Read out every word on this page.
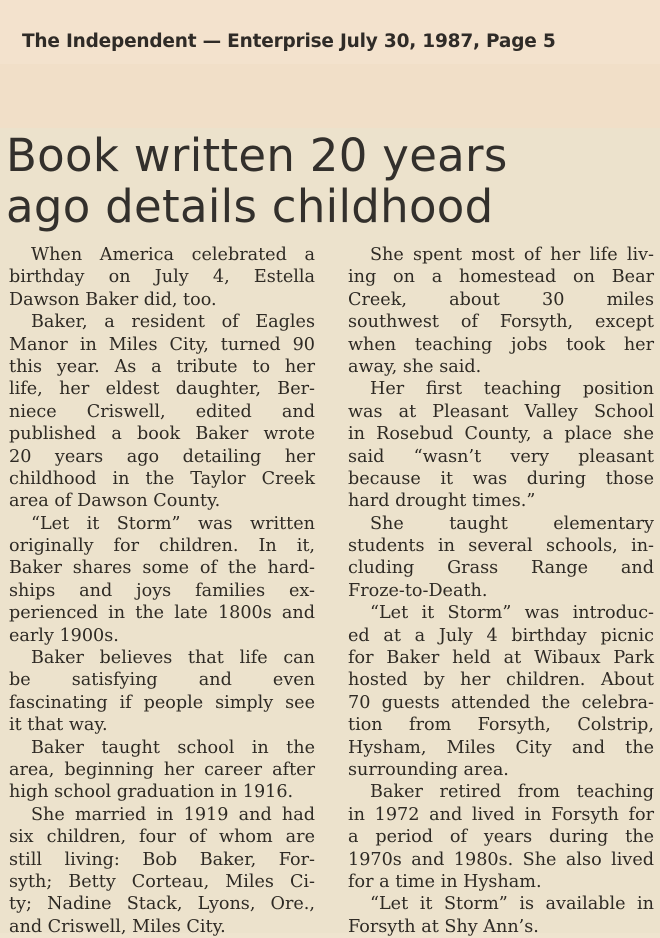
The Independent — Enterprise July 30, 1987, Page 5
Book written 20 years
ago details childhood
When America celebrated a
birthday on July 4, Estella
Dawson Baker did, too.
Baker, a resident of Eagles
Manor in Miles City, turned 90
this year. As a tribute to her
life, her eldest daughter, Ber-
niece Criswell, edited and
published a book Baker wrote
20 years ago detailing her
childhood in the Taylor Creek
area of Dawson County.
“Let it Storm” was written
originally for children. In it,
Baker shares some of the hard-
ships and joys families ex-
perienced in the late 1800s and
early 1900s.
Baker believes that life can
be satisfying and even
fascinating if people simply see
it that way.
Baker taught school in the
area, beginning her career after
high school graduation in 1916.
She married in 1919 and had
six children, four of whom are
still living: Bob Baker, For-
syth; Betty Corteau, Miles Ci-
ty; Nadine Stack, Lyons, Ore.,
and Criswell, Miles City.
She spent most of her life liv-
ing on a homestead on Bear
Creek, about 30 miles
southwest of Forsyth, except
when teaching jobs took her
away, she said.
Her first teaching position
was at Pleasant Valley School
in Rosebud County, a place she
said “wasn’t very pleasant
because it was during those
hard drought times.”
She taught elementary
students in several schools, in-
cluding Grass Range and
Froze-to-Death.
“Let it Storm” was introduc-
ed at a July 4 birthday picnic
for Baker held at Wibaux Park
hosted by her children. About
70 guests attended the celebra-
tion from Forsyth, Colstrip,
Hysham, Miles City and the
surrounding area.
Baker retired from teaching
in 1972 and lived in Forsyth for
a period of years during the
1970s and 1980s. She also lived
for a time in Hysham.
“Let it Storm” is available in
Forsyth at Shy Ann’s.
